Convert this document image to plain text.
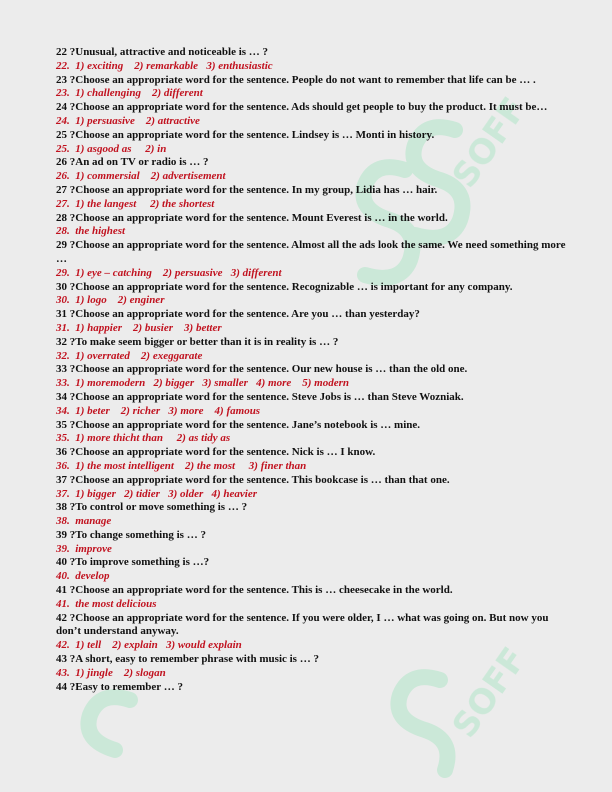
SOFF
SOFF
22 ?Unusual, attractive and noticeable is … ?
22.  1) exciting    2) remarkable   3) enthusiastic
23 ?Choose an appropriate word for the sentence. People do not want to remember that life can be … .
23.  1) challenging    2) different
24 ?Choose an appropriate word for the sentence. Ads should get people to buy the product. It must be…
24.  1) persuasive    2) attractive
25 ?Choose an appropriate word for the sentence. Lindsey is … Monti in history.
25.  1) asgood as     2) in
26 ?An ad on TV or radio is … ?
26.  1) commersial    2) advertisement
27 ?Choose an appropriate word for the sentence. In my group, Lidia has … hair.
27.  1) the langest     2) the shortest
28 ?Choose an appropriate word for the sentence. Mount Everest is … in the world.
28.  the highest
29 ?Choose an appropriate word for the sentence. Almost all the ads look the same. We need something more …
29.  1) eye – catching    2) persuasive   3) different
30 ?Choose an appropriate word for the sentence. Recognizable … is important for any company.
30.  1) logo    2) enginer
31 ?Choose an appropriate word for the sentence. Are you … than yesterday?
31.  1) happier    2) busier    3) better
32 ?To make seem bigger or better than it is in reality is … ?
32.  1) overrated    2) exeggarate
33 ?Choose an appropriate word for the sentence. Our new house is … than the old one.
33.  1) moremodern   2) bigger   3) smaller   4) more    5) modern
34 ?Choose an appropriate word for the sentence. Steve Jobs is … than Steve Wozniak.
34.  1) beter    2) richer   3) more    4) famous
35 ?Choose an appropriate word for the sentence. Jane’s notebook is … mine.
35.  1) more thicht than     2) as tidy as
36 ?Choose an appropriate word for the sentence. Nick is … I know.
36.  1) the most intelligent    2) the most     3) finer than
37 ?Choose an appropriate word for the sentence. This bookcase is … than that one.
37.  1) bigger   2) tidier   3) older   4) heavier
38 ?To control or move something is … ?
38.  manage
39 ?To change something is … ?
39.  improve
40 ?To improve something is …?
40.  develop
41 ?Choose an appropriate word for the sentence. This is … cheesecake in the world.
41.  the most delicious
42 ?Choose an appropriate word for the sentence. If you were older, I … what was going on. But now you don’t understand anyway.
42.  1) tell    2) explain   3) would explain
43 ?A short, easy to remember phrase with music is … ?
43.  1) jingle    2) slogan
44 ?Easy to remember … ?
